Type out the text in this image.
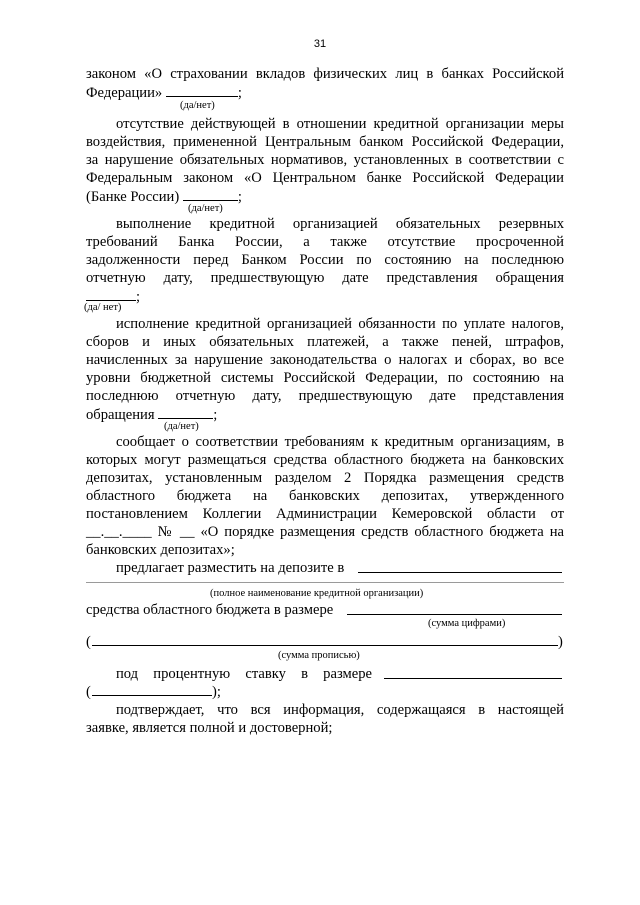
31
законом «О страховании вкладов физических лиц в банках Российской
Федерации»	;
(да/нет)
отсутствие действующей в отношении кредитной организации меры
воздействия, примененной Центральным банком Российской Федерации,
за нарушение обязательных нормативов, установленных в соответствии с
Федеральным законом «О Центральном банке Российской Федерации
(Банке России)	;
(да/нет)
выполнение кредитной организацией обязательных резервных
требований Банка России, а также отсутствие просроченной
задолженности перед Банком России по состоянию на последнюю
отчетную дату, предшествующую дате представления обращения
;
(да/ нет)
исполнение кредитной организацией обязанности по уплате налогов,
сборов и иных обязательных платежей, а также пеней, штрафов,
начисленных за нарушение законодательства о налогах и сборах, во все
уровни бюджетной системы Российской Федерации, по состоянию на
последнюю отчетную дату, предшествующую дате представления
обращения	;
(да/нет)
сообщает о соответствии требованиям к кредитным организациям, в
которых могут размещаться средства областного бюджета на банковских
депозитах, установленным разделом 2 Порядка размещения средств
областного бюджета на банковских депозитах, утвержденного
постановлением Коллегии Администрации Кемеровской области от
__.__.____ № __ «О порядке размещения средств областного бюджета на
банковских депозитах»;
предлагает разместить на депозите в
(полное наименование кредитной организации)
средства областного бюджета в размере
(сумма цифрами)
(	)
(сумма прописью)
под процентную ставку в размере
(	);
подтверждает, что вся информация, содержащаяся в настоящей
заявке, является полной и достоверной;
